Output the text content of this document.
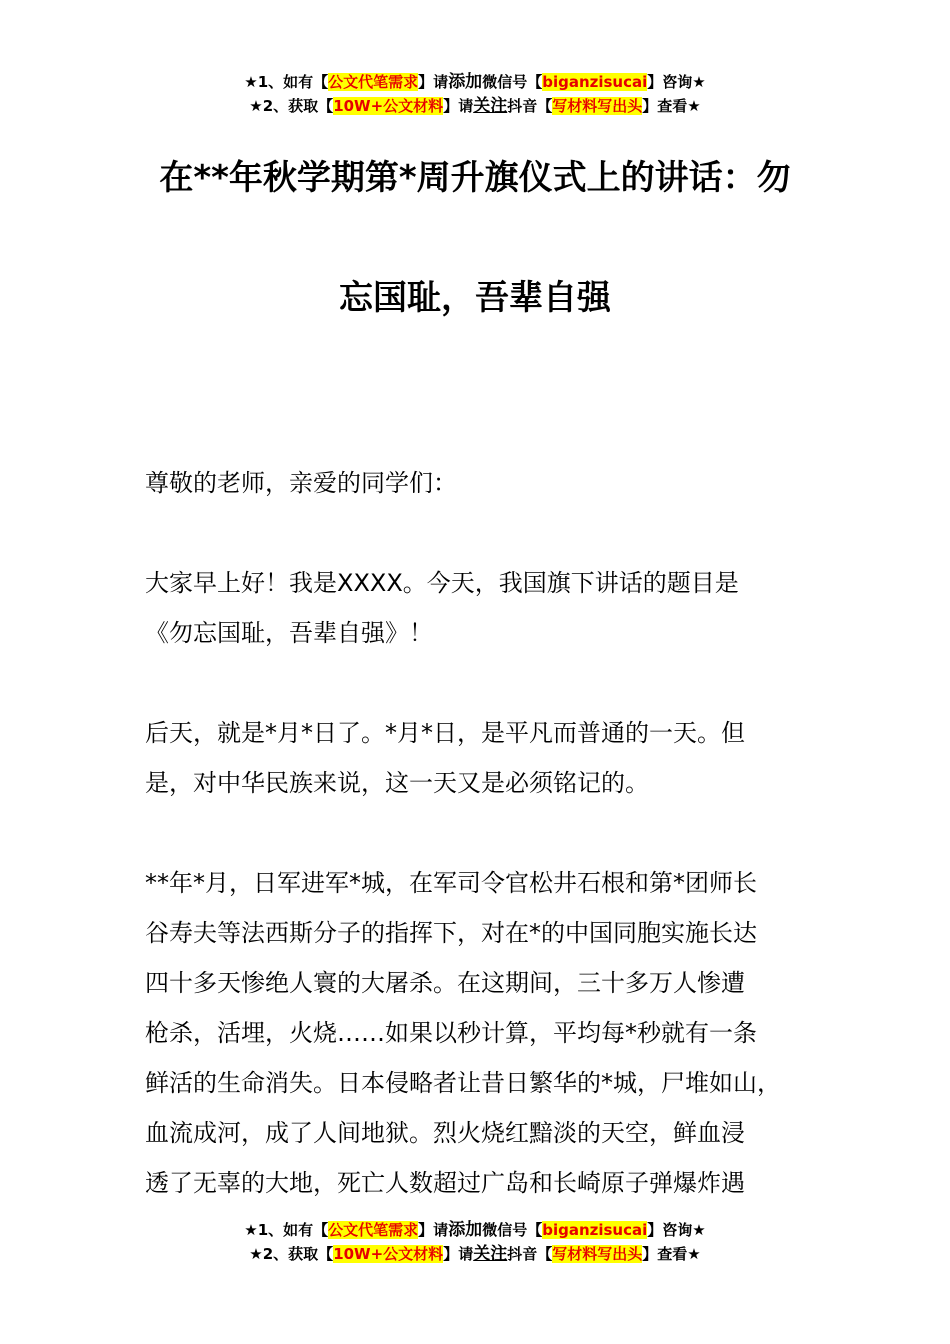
★1、如有【公文代笔需求】请添加微信号【biganzisucai】咨询★
★2、获取【10W+公文材料】请关注抖音【写材料写出头】查看★
在**年秋学期第*周升旗仪式上的讲话：勿
忘国耻，吾辈自强

尊敬的老师，亲爱的同学们：

大家早上好！我是XXXX。今天，我国旗下讲话的题目是
《勿忘国耻，吾辈自强》！

后天，就是*月*日了。*月*日，是平凡而普通的一天。但
是，对中华民族来说，这一天又是必须铭记的。

**年*月，日军进军*城，在军司令官松井石根和第*团师长
谷寿夫等法西斯分子的指挥下，对在*的中国同胞实施长达
四十多天惨绝人寰的大屠杀。在这期间，三十多万人惨遭
枪杀，活埋，火烧……如果以秒计算，平均每*秒就有一条
鲜活的生命消失。日本侵略者让昔日繁华的*城，尸堆如山，
血流成河，成了人间地狱。烈火烧红黯淡的天空，鲜血浸
透了无辜的大地，死亡人数超过广岛和长崎原子弹爆炸遇

★1、如有【公文代笔需求】请添加微信号【biganzisucai】咨询★
★2、获取【10W+公文材料】请关注抖音【写材料写出头】查看★
